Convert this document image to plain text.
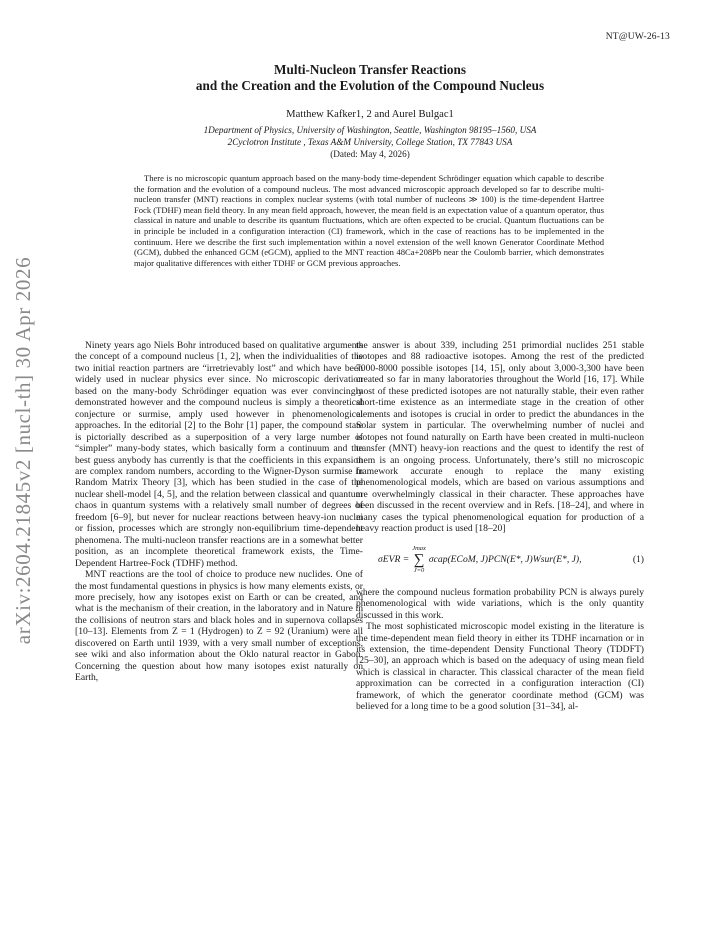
NT@UW-26-13
arXiv:2604.21845v2 [nucl-th] 30 Apr 2026
Multi-Nucleon Transfer Reactions
and the Creation and the Evolution of the Compound Nucleus
Matthew Kafker1, 2 and Aurel Bulgac1
1Department of Physics, University of Washington, Seattle, Washington 98195–1560, USA
2Cyclotron Institute , Texas A&M University, College Station, TX 77843 USA
(Dated: May 4, 2026)
There is no microscopic quantum approach based on the many-body time-dependent Schrödinger equation which capable to describe the formation and the evolution of a compound nucleus. The most advanced microscopic approach developed so far to describe multi-nucleon transfer (MNT) reactions in complex nuclear systems (with total number of nucleons ≫ 100) is the time-dependent Hartree Fock (TDHF) mean field theory. In any mean field approach, however, the mean field is an expectation value of a quantum operator, thus classical in nature and unable to describe its quantum fluctuations, which are often expected to be crucial. Quantum fluctuations can be in principle be included in a configuration interaction (CI) framework, which in the case of reactions has to be implemented in the continuum. Here we describe the first such implementation within a novel extension of the well known Generator Coordinate Method (GCM), dubbed the enhanced GCM (eGCM), applied to the MNT reaction 48Ca+208Pb near the Coulomb barrier, which demonstrates major qualitative differences with either TDHF or GCM previous approaches.

Ninety years ago Niels Bohr introduced based on qualitative arguments the concept of a compound nucleus [1, 2], when the individualities of the two initial reaction partners are “irretrievably lost” and which have been widely used in nuclear physics ever since. No microscopic derivation based on the many-body Schrödinger equation was ever convincingly demonstrated however and the compound nucleus is simply a theoretical conjecture or surmise, amply used however in phenomenological approaches. In the editorial [2] to the Bohr [1] paper, the compound state is pictorially described as a superposition of a very large number of “simpler” many-body states, which basically form a continuum and the best guess anybody has currently is that the coefficients in this expansion are complex random numbers, according to the Wigner-Dyson surmise in Random Matrix Theory [3], which has been studied in the case of the nuclear shell-model [4, 5], and the relation between classical and quantum chaos in quantum systems with a relatively small number of degrees of freedom [6–9], but never for nuclear reactions between heavy-ion nuclei or fission, processes which are strongly non-equilibrium time-dependent phenomena. The multi-nucleon transfer reactions are in a somewhat better position, as an incomplete theoretical framework exists, the Time-Dependent Hartree-Fock (TDHF) method.

MNT reactions are the tool of choice to produce new nuclides. One of the most fundamental questions in physics is how many elements exists, or more precisely, how any isotopes exist on Earth or can be created, and what is the mechanism of their creation, in the laboratory and in Nature in the collisions of neutron stars and black holes and in supernova collapses [10–13]. Elements from Z = 1 (Hydrogen) to Z = 92 (Uranium) were all discovered on Earth until 1939, with a very small number of exceptions, see wiki and also information about the Oklo natural reactor in Gabon. Concerning the question about how many isotopes exist naturally on Earth,

the answer is about 339, including 251 primordial nuclides 251 stable isotopes and 88 radioactive isotopes. Among the rest of the predicted 7000-8000 possible isotopes [14, 15], only about 3,000-3,300 have been created so far in many laboratories throughout the World [16, 17]. While most of these predicted isotopes are not naturally stable, their even rather short-time existence as an intermediate stage in the creation of other elements and isotopes is crucial in order to predict the abundances in the Solar system in particular. The overwhelming number of nuclei and isotopes not found naturally on Earth have been created in multi-nucleon transfer (MNT) heavy-ion reactions and the quest to identify the rest of them is an ongoing process. Unfortunately, there’s still no microscopic framework accurate enough to replace the many existing phenomenological models, which are based on various assumptions and are overwhelmingly classical in their character. These approaches have been discussed in the recent overview and in Refs. [18–24], and where in many cases the typical phenomenological equation for production of a heavy reaction product is used [18–20]

σEVR =
Jmax
∑
J=0
σcap(ECoM, J)PCN(E*, J)Wsur(E*, J),	(1)

where the compound nucleus formation probability PCN is always purely phenomenological with wide variations, which is the only quantity discussed in this work.

The most sophisticated microscopic model existing in the literature is the time-dependent mean field theory in either its TDHF incarnation or in its extension, the time-dependent Density Functional Theory (TDDFT) [25–30], an approach which is based on the adequacy of using mean field which is classical in character. This classical character of the mean field approximation can be corrected in a configuration interaction (CI) framework, of which the generator coordinate method (GCM) was believed for a long time to be a good solution [31–34], al-
